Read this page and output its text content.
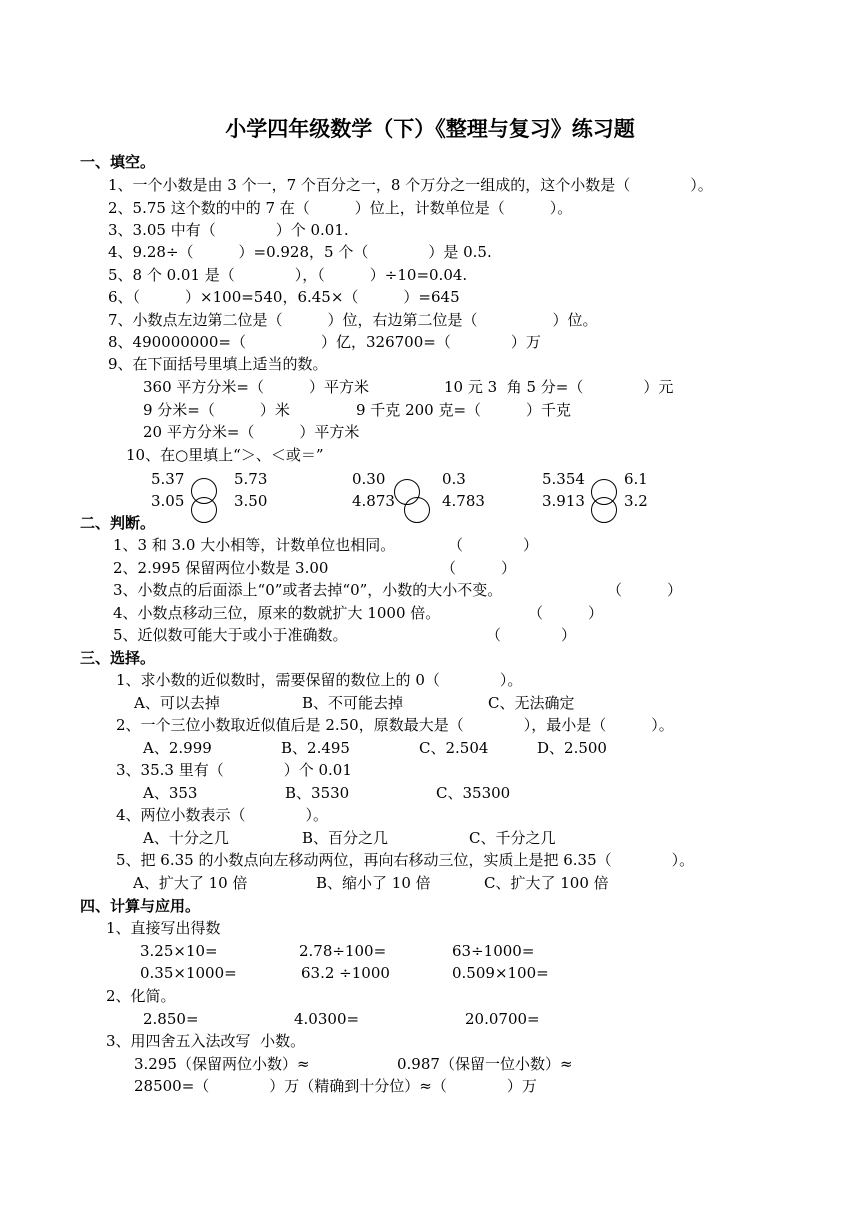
小学四年级数学（下）《整理与复习》练习题
一、填空。
1、一个小数是由 3 个一，7 个百分之一，8 个万分之一组成的，这个小数是（　　　　）。
2、5.75 这个数的中的 7 在（　　　）位上，计数单位是（　　　）。
3、3.05 中有（　　　　）个 0.01.
4、9.28÷（　　　）=0.928，5 个（　　　　）是 0.5.
5、8 个 0.01 是（　　　　），（　　　）÷10=0.04.
6、（　　　）×100=540，6.45×（　　　）=645
7、小数点左边第二位是（　　　）位，右边第二位是（　　　　　）位。
8、490000000=（　　　　　）亿，326700=（　　　　）万
9、在下面括号里填上适当的数。
360 平方分米=（　　　）平方米	10 元 3  角 5 分=（　　　　）元
9 分米=（　　　）米	9 千克 200 克=（　　　）千克
20 平方分米=（　　　）平方米
10、在○里填上“＞、＜或＝”
5.37	5.73	0.30	0.3	5.354	6.1
3.05	3.50	4.873	4.783	3.913	3.2
二、判断。
1、3 和 3.0 大小相等，计数单位也相同。	（　　　　）
2、2.995 保留两位小数是 3.00	（　　　）
3、小数点的后面添上“0”或者去掉“0”，小数的大小不变。	（　　　）
4、小数点移动三位，原来的数就扩大 1000 倍。	（　　　）
5、近似数可能大于或小于准确数。	（　　　　）
三、选择。
1、求小数的近似数时，需要保留的数位上的 0（　　　　）。
A、可以去掉	B、不可能去掉	C、无法确定
2、一个三位小数取近似值后是 2.50，原数最大是（　　　　），最小是（　　　）。
A、2.999	B、2.495	C、2.504	D、2.500
3、35.3 里有（　　　　）个 0.01
A、353	B、3530	C、35300
4、两位小数表示（　　　　）。
A、十分之几	B、百分之几	C、千分之几
5、把 6.35 的小数点向左移动两位，再向右移动三位，实质上是把 6.35（　　　　）。
A、扩大了 10 倍	B、缩小了 10 倍	C、扩大了 100 倍
四、计算与应用。
1、直接写出得数
3.25×10=	2.78÷100=	63÷1000=
0.35×1000=	63.2 ÷1000	0.509×100=
2、化简。
2.850=	4.0300=	20.0700=
3、用四舍五入法改写  小数。
3.295（保留两位小数）≈	0.987（保留一位小数）≈
28500=（　　　　）万（精确到十分位）≈（　　　　）万
